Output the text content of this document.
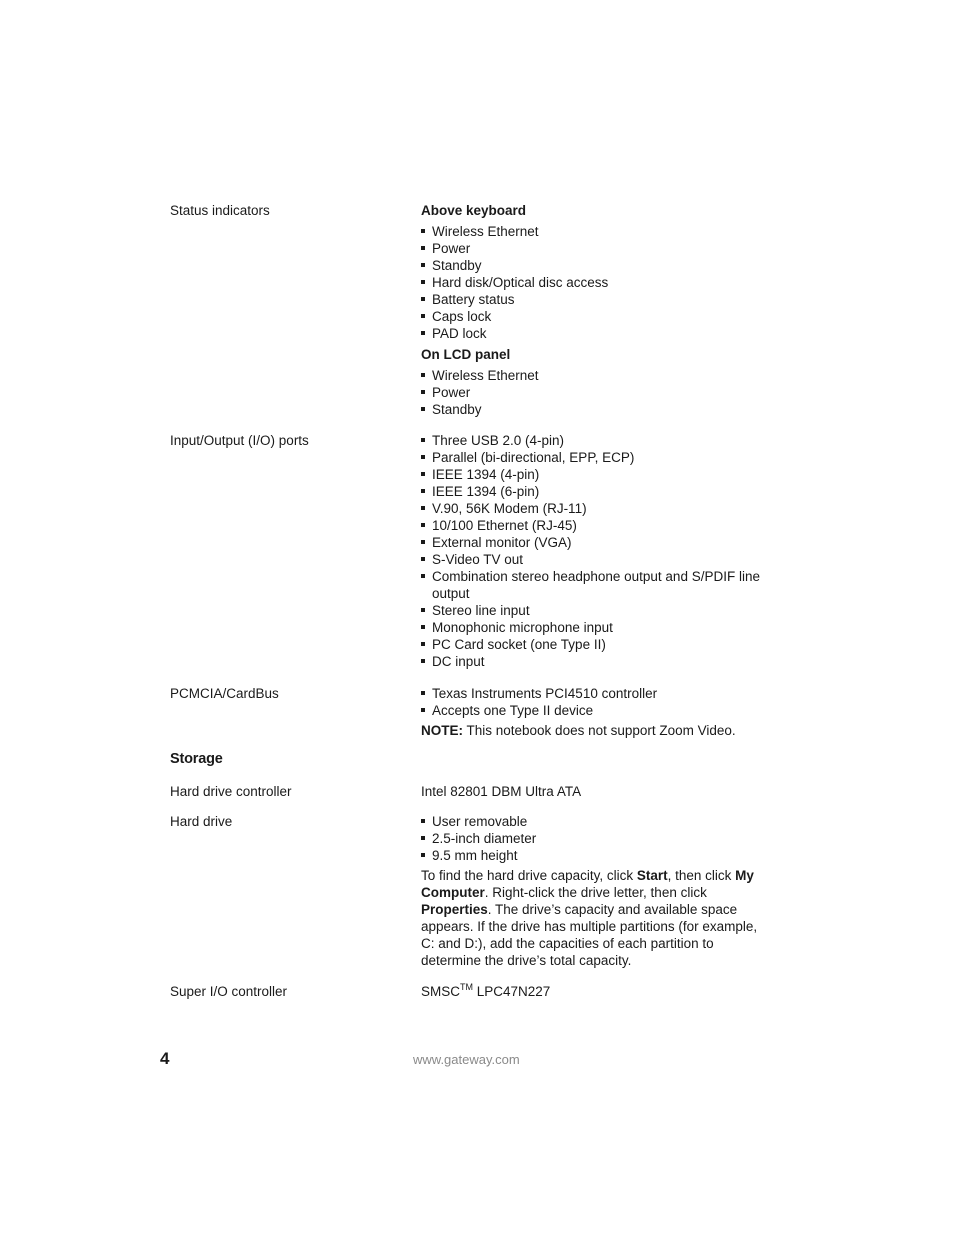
Status indicators	Above keyboard
Wireless Ethernet
Power
Standby
Hard disk/Optical disc access
Battery status
Caps lock
PAD lock
On LCD panel
Wireless Ethernet
Power
Standby
Input/Output (I/O) ports	Three USB 2.0 (4-pin)
Parallel (bi-directional, EPP, ECP)
IEEE 1394 (4-pin)
IEEE 1394 (6-pin)
V.90, 56K Modem (RJ-11)
10/100 Ethernet (RJ-45)
External monitor (VGA)
S-Video TV out
Combination stereo headphone output and S/PDIF line output
Stereo line input
Monophonic microphone input
PC Card socket (one Type II)
DC input
PCMCIA/CardBus	Texas Instruments PCI4510 controller
Accepts one Type II device
NOTE: This notebook does not support Zoom Video.
Storage
Hard drive controller	Intel 82801 DBM Ultra ATA
Hard drive	User removable
2.5-inch diameter
9.5 mm height
To find the hard drive capacity, click Start, then click My Computer. Right-click the drive letter, then click Properties. The drive’s capacity and available space appears. If the drive has multiple partitions (for example, C: and D:), add the capacities of each partition to determine the drive’s total capacity.
Super I/O controller	SMSC™ LPC47N227
4	www.gateway.com
